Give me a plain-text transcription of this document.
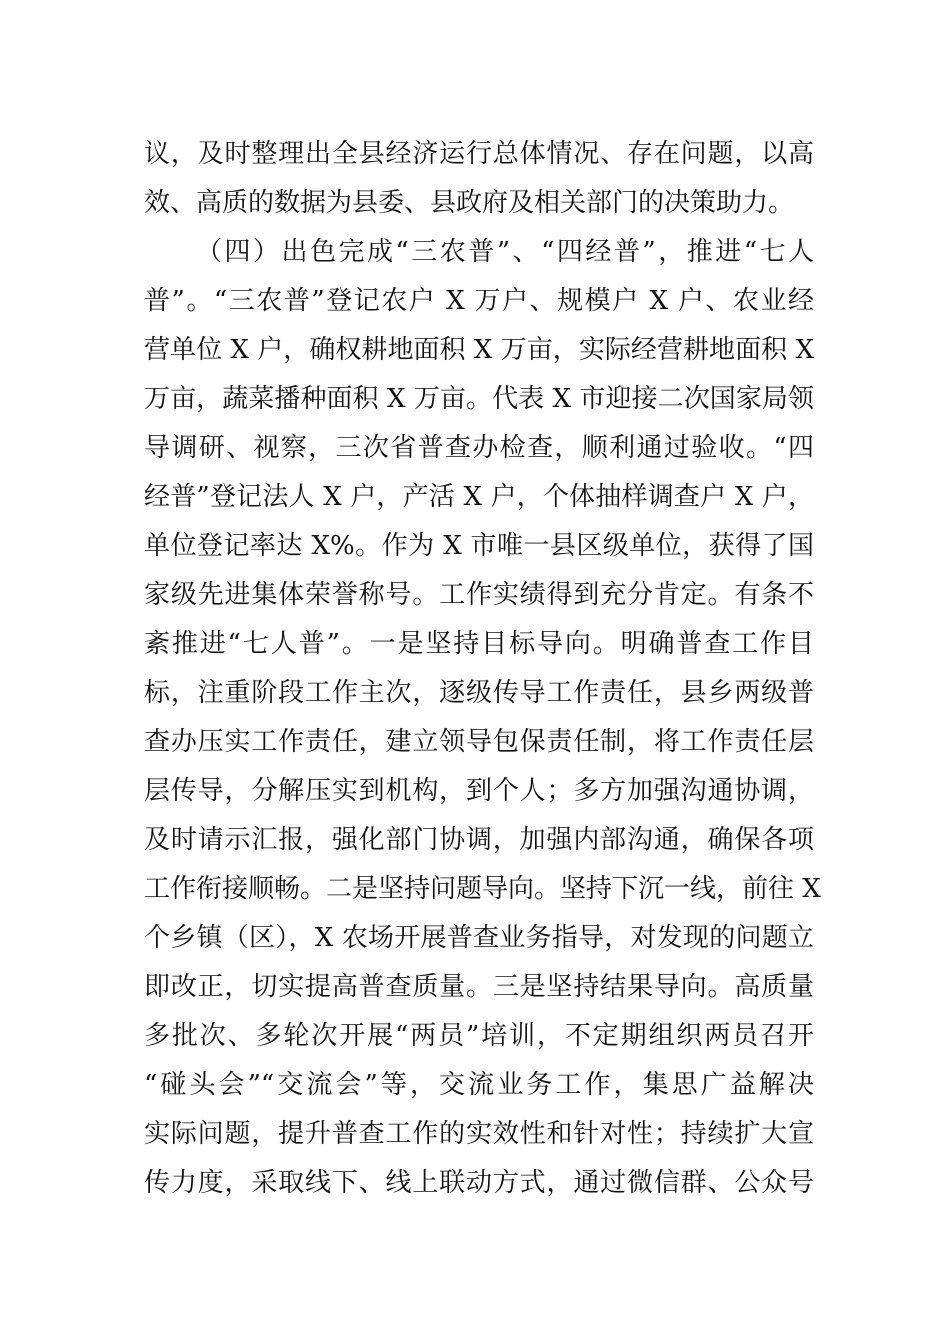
议，及时整理出全县经济运行总体情况、存在问题，以高
效、高质的数据为县委、县政府及相关部门的决策助力。
（四）出色完成“三农普”、“四经普”，推进“七人
普”。“三农普”登记农户 X 万户、规模户 X 户、农业经
营单位 X 户，确权耕地面积 X 万亩，实际经营耕地面积 X
万亩，蔬菜播种面积 X 万亩。代表 X 市迎接二次国家局领
导调研、视察，三次省普查办检查，顺利通过验收。“四
经普”登记法人 X 户，产活 X 户，个体抽样调查户 X 户，
单位登记率达 X%。作为 X 市唯一县区级单位，获得了国
家级先进集体荣誉称号。工作实绩得到充分肯定。有条不
紊推进“七人普”。一是坚持目标导向。明确普查工作目
标，注重阶段工作主次，逐级传导工作责任，县乡两级普
查办压实工作责任，建立领导包保责任制，将工作责任层
层传导，分解压实到机构，到个人；多方加强沟通协调，
及时请示汇报，强化部门协调，加强内部沟通，确保各项
工作衔接顺畅。二是坚持问题导向。坚持下沉一线，前往 X
个乡镇（区），X 农场开展普查业务指导，对发现的问题立
即改正，切实提高普查质量。三是坚持结果导向。高质量
多批次、多轮次开展“两员”培训，不定期组织两员召开
“碰头会”“交流会”等，交流业务工作，集思广益解决
实际问题，提升普查工作的实效性和针对性；持续扩大宣
传力度，采取线下、线上联动方式，通过微信群、公众号
